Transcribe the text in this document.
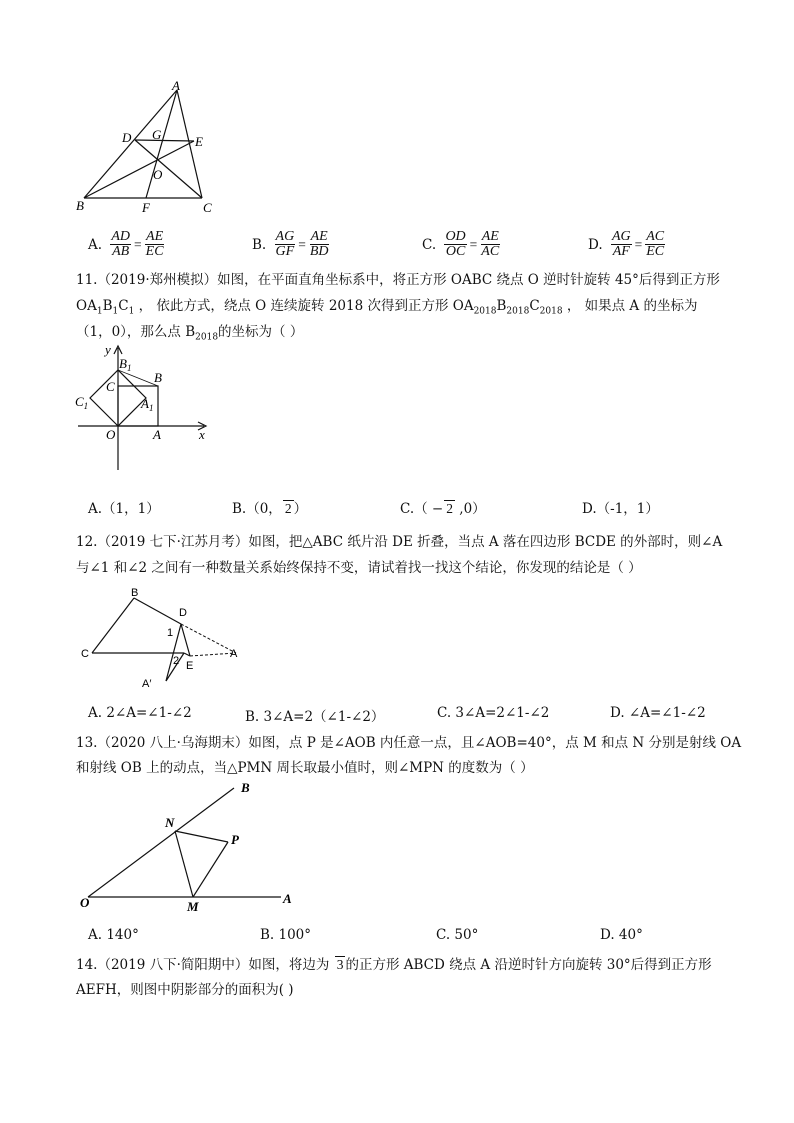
A
D G	E
O
B	F	C
A. $\frac{AD}{AB} = \frac{AE}{EC}$	B. $\frac{AG}{GF} = \frac{AE}{BD}$	C. $\frac{OD}{OC} = \frac{AE}{AC}$	D. $\frac{AG}{AF} = \frac{AC}{EC}$
11.（2019·郑州模拟）如图，在平面直角坐标系中，将正方形 OABC 绕点 O 逆时针旋转 45°后得到正方形
$OA_1B_1C_1$ ， 依此方式，绕点 O 连续旋转 2018 次得到正方形 $OA_{2018}B_{2018}C_{2018}$ ， 如果点 A 的坐标为
（1，0），那么点 $B_{2018}$的坐标为（ ）
y
x
O	A
B
C
$B_1$
$C_1$	$A_1$
A.（1，1）	B.（0， 2 ）	C.（ − 2 ,0）	D.（-1，1）
12.（2019 七下·江苏月考）如图，把△ABC 纸片沿 DE 折叠，当点 A 落在四边形 BCDE 的外部时，则∠A
与∠1 和∠2 之间有一种数量关系始终保持不变，请试着找一找这个结论，你发现的结论是（ ）
B
C
D
E
A
A′
1
2
A. 2∠A=∠1-∠2	B. 3∠A=2（∠1-∠2）	C. 3∠A=2∠1-∠2	D. ∠A=∠1-∠2
13.（2020 八上·乌海期末）如图，点 P 是∠AOB 内任意一点，且∠AOB=40°，点 M 和点 N 分别是射线 OA
和射线 OB 上的动点，当△PMN 周长取最小值时，则∠MPN 的度数为（ ）
O	A
B
N
P
M
A. 140°	B. 100°	C. 50°	D. 40°
14.（2019 八下·简阳期中）如图，将边为 3 的正方形 ABCD 绕点 A 沿逆时针方向旋转 30°后得到正方形
AEFH，则图中阴影部分的面积为( )
